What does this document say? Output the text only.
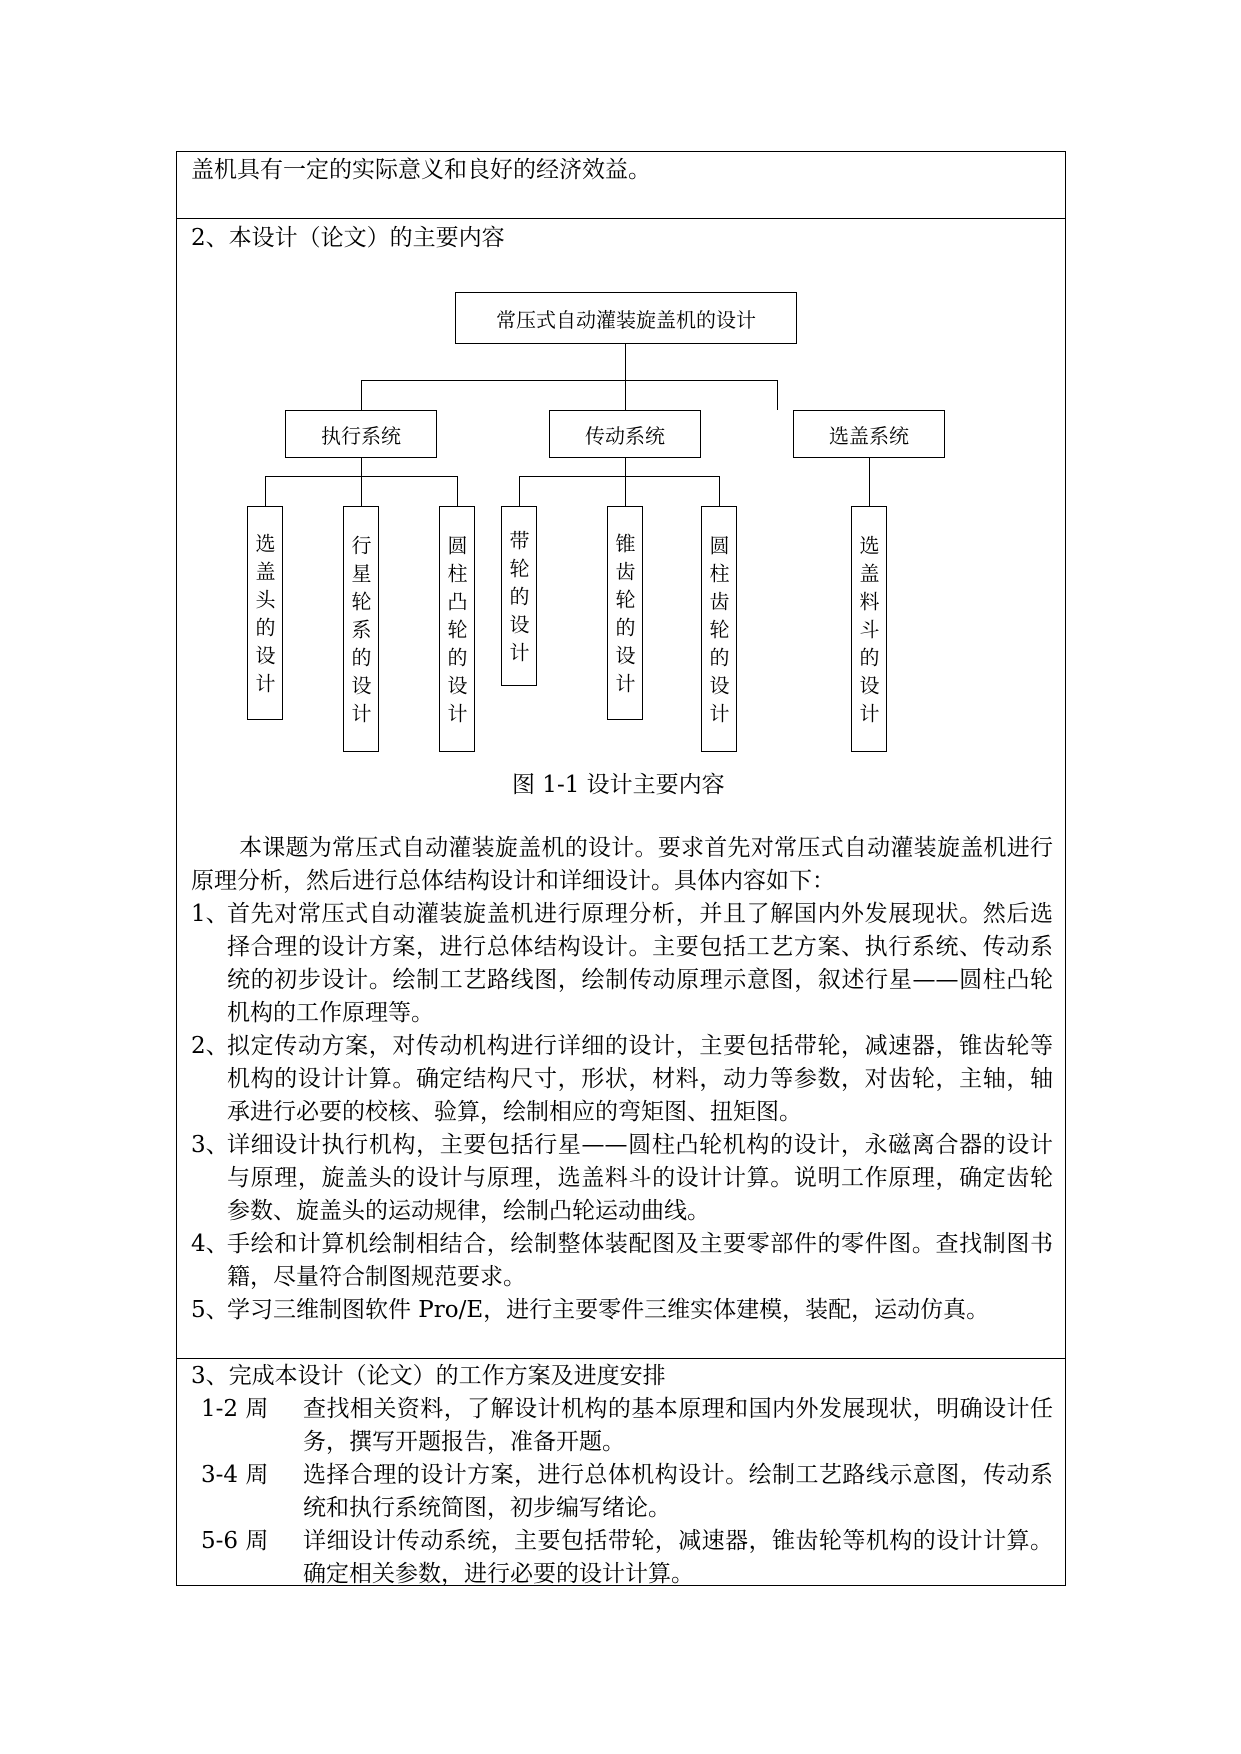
盖机具有一定的实际意义和良好的经济效益。
2、本设计（论文）的主要内容
常压式自动灌装旋盖机的设计
执行系统	传动系统	选盖系统
选盖头的设计	行星轮系的设计	圆柱凸轮的设计	带轮的设计	锥齿轮的设计	圆柱齿轮的设计	选盖料斗的设计
图 1-1 设计主要内容
本课题为常压式自动灌装旋盖机的设计。要求首先对常压式自动灌装旋盖机进行原理分析，然后进行总体结构设计和详细设计。具体内容如下：
1、
首先对常压式自动灌装旋盖机进行原理分析，并且了解国内外发展现状。然后选择合理的设计方案，进行总体结构设计。主要包括工艺方案、执行系统、传动系统的初步设计。绘制工艺路线图，绘制传动原理示意图，叙述行星——圆柱凸轮机构的工作原理等。
2、
拟定传动方案，对传动机构进行详细的设计，主要包括带轮，减速器，锥齿轮等机构的设计计算。确定结构尺寸，形状，材料，动力等参数，对齿轮，主轴，轴承进行必要的校核、验算，绘制相应的弯矩图、扭矩图。
3、
详细设计执行机构，主要包括行星——圆柱凸轮机构的设计，永磁离合器的设计与原理，旋盖头的设计与原理，选盖料斗的设计计算。说明工作原理，确定齿轮参数、旋盖头的运动规律，绘制凸轮运动曲线。
4、
手绘和计算机绘制相结合，绘制整体装配图及主要零部件的零件图。查找制图书籍，尽量符合制图规范要求。
5、
学习三维制图软件 Pro/E，进行主要零件三维实体建模，装配，运动仿真。
3、完成本设计（论文）的工作方案及进度安排
1-2 周 查找相关资料，了解设计机构的基本原理和国内外发展现状，明确设计任务，撰写开题报告，准备开题。
3-4 周 选择合理的设计方案，进行总体机构设计。绘制工艺路线示意图，传动系统和执行系统简图，初步编写绪论。
5-6 周 详细设计传动系统，主要包括带轮，减速器，锥齿轮等机构的设计计算。确定相关参数，进行必要的设计计算。
